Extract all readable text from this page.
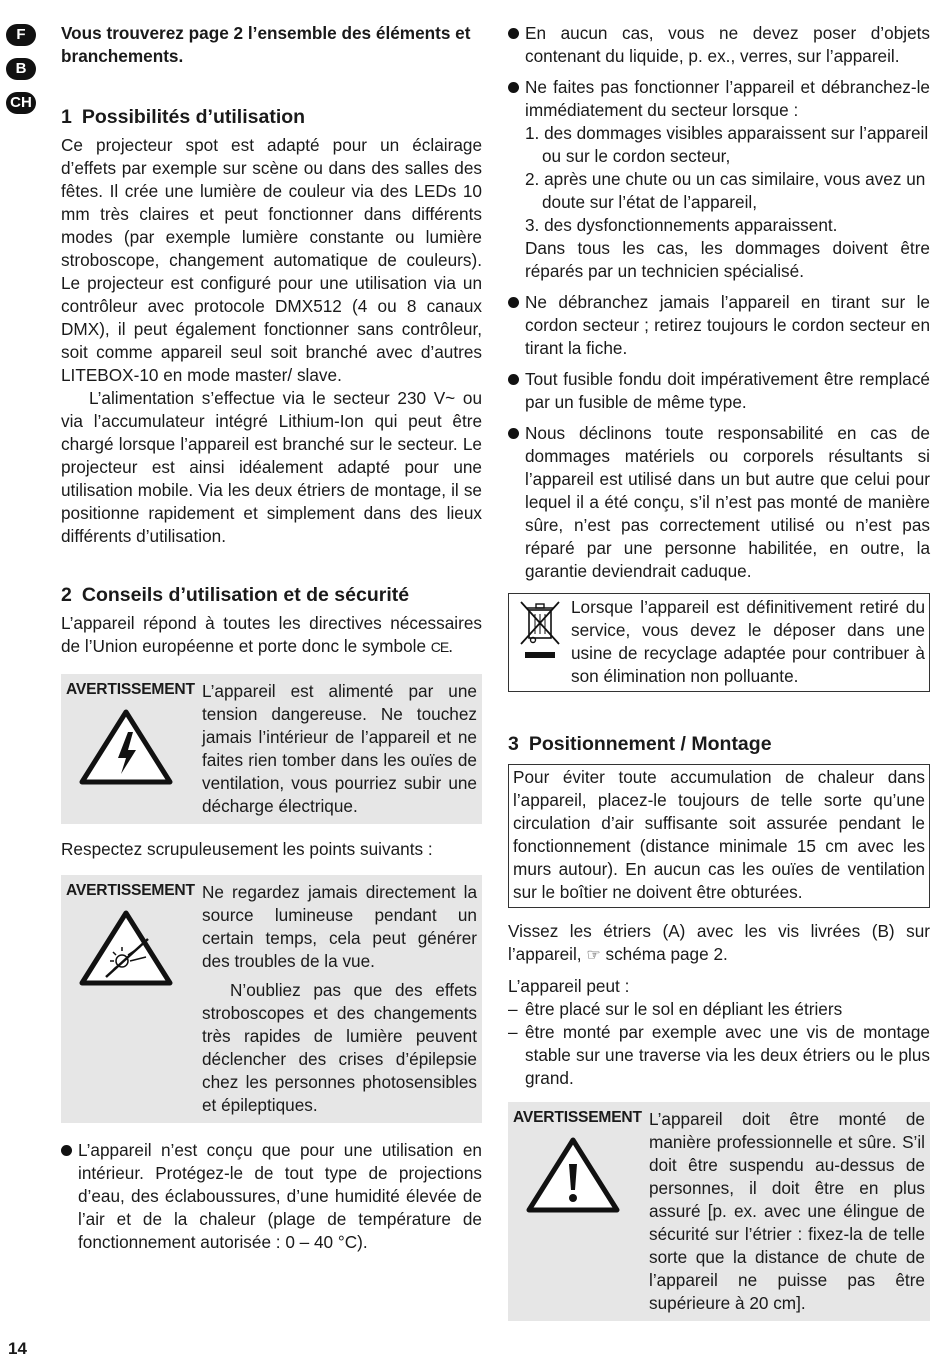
F
B
CH

Vous trouverez page 2 l’ensemble des éléments et branchements.

1 Possibilités d’utilisation

Ce projecteur spot est adapté pour un éclairage d’effets par exemple sur scène ou dans des salles des fêtes. Il crée une lumière de couleur via des LEDs 10 mm très claires et peut fonctionner dans différents modes (par exemple lumière constante ou lumière stroboscope, changement automatique de couleurs). Le projecteur est configuré pour une utilisation via un contrôleur avec protocole DMX512 (4 ou 8 canaux DMX), il peut également fonctionner sans contrôleur, soit comme appareil seul soit branché avec d’autres LITEBOX-10 en mode master/ slave.

L’alimentation s’effectue via le secteur 230 V~ ou via l’accumulateur intégré Lithium-Ion qui peut être chargé lorsque l’appareil est branché sur le secteur. Le projecteur est ainsi idéalement adapté pour une utilisation mobile. Via les deux étriers de montage, il se positionne rapidement et simplement dans des lieux différents d’utilisation.

2 Conseils d’utilisation et de sécurité

L’appareil répond à toutes les directives nécessaires de l’Union européenne et porte donc le symbole CE.

AVERTISSEMENT L’appareil est alimenté par une tension dangereuse. Ne touchez jamais l’intérieur de l’appareil et ne faites rien tomber dans les ouïes de ventilation, vous pourriez subir une décharge électrique.

Respectez scrupuleusement les points suivants :

AVERTISSEMENT Ne regardez jamais directement la source lumineuse pendant un certain temps, cela peut générer des troubles de la vue.

N’oubliez pas que des effets stroboscopes et des changements très rapides de lumière peuvent déclencher des crises d’épilepsie chez les personnes photosensibles et épileptiques.

L’appareil n’est conçu que pour une utilisation en intérieur. Protégez-le de tout type de projections d’eau, des éclaboussures, d’une humidité élevée de l’air et de la chaleur (plage de température de fonctionnement autorisée : 0 – 40 °C).

En aucun cas, vous ne devez poser d’objets contenant du liquide, p. ex., verres, sur l’appareil.

Ne faites pas fonctionner l’appareil et débranchez-le immédiatement du secteur lorsque :

1. des dommages visibles apparaissent sur l’appareil ou sur le cordon secteur,
2. après une chute ou un cas similaire, vous avez un doute sur l’état de l’appareil,
3. des dysfonctionnements apparaissent.

Dans tous les cas, les dommages doivent être réparés par un technicien spécialisé.

Ne débranchez jamais l’appareil en tirant sur le cordon secteur ; retirez toujours le cordon secteur en tirant la fiche.

Tout fusible fondu doit impérativement être remplacé par un fusible de même type.

Nous déclinons toute responsabilité en cas de dommages matériels ou corporels résultants si l’appareil est utilisé dans un but autre que celui pour lequel il a été conçu, s’il n’est pas monté de manière sûre, n’est pas correctement utilisé ou n’est pas réparé par une personne habilitée, en outre, la garantie deviendrait caduque.

Lorsque l’appareil est définitivement retiré du service, vous devez le déposer dans une usine de recyclage adaptée pour contribuer à son élimination non polluante.

3 Positionnement / Montage

Pour éviter toute accumulation de chaleur dans l’appareil, placez-le toujours de telle sorte qu’une circulation d’air suffisante soit assurée pendant le fonctionnement (distance minimale 15 cm avec les murs autour). En aucun cas les ouïes de ventilation sur le boîtier ne doivent être obturées.

Vissez les étriers (A) avec les vis livrées (B) sur l’appareil, ☞ schéma page 2.

L’appareil peut :

– être placé sur le sol en dépliant les étriers

– être monté par exemple avec une vis de montage stable sur une traverse via les deux étriers ou le plus grand.

AVERTISSEMENT L’appareil doit être monté de manière professionnelle et sûre. S’il doit être suspendu au-dessus de personnes, il doit être en plus assuré [p. ex. avec une élingue de sécurité sur l’étrier : fixez-la de telle sorte que la distance de chute de l’appareil ne puisse pas être supérieure à 20 cm].

14
